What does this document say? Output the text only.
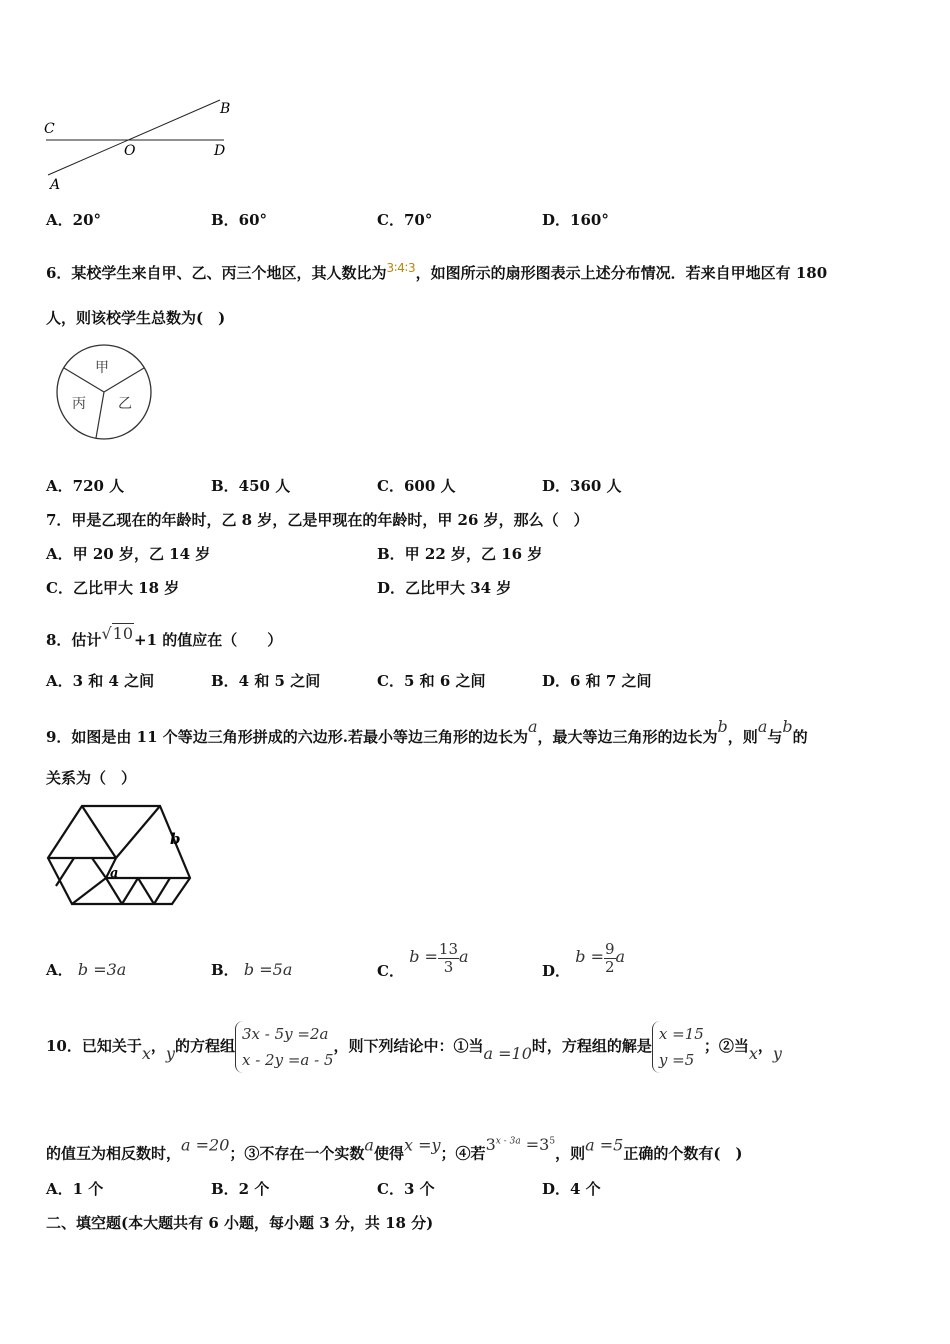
C
B
O	D
A
A．20°	B．60°	C．70°	D．160°
6．某校学生来自甲、乙、丙三个地区，其人数比为$^{3∶4∶3}$，如图所示的扇形图表示上述分布情况．若来自甲地区有 180
人，则该校学生总数为(　)
甲
丙 乙
A．720 人	B．450 人	C．600 人	D．360 人
7．甲是乙现在的年龄时，乙 8 岁，乙是甲现在的年龄时，甲 26 岁，那么（　）
A．甲 20 岁，乙 14 岁	B．甲 22 岁，乙 16 岁
C．乙比甲大 18 岁	D．乙比甲大 34 岁
8．估计√10+1 的值应在（　　）
A．3 和 4 之间	B．4 和 5 之间	C．5 和 6 之间	D．6 和 7 之间
9．如图是由 11 个等边三角形拼成的六边形.若最小等边三角形的边长为a，最大等边三角形的边长为b，则a与b的
关系为（　）
b
a
A． b =3a	B． b =5a	C． $b = \frac{13}{3}$ a
D． $b = \frac{9}{2}$ a
10．已知关于x，y的方程组3x - 5y =2a
x - 2y =a - 5，则下列结论中：①当a =10时，方程组的解是x =15
y =5；②当x，y
的值互为相反数时，a =20；③不存在一个实数a使得x =y；④若$3^{x - 3a} =3^5$，则a =5正确的个数有(　)
A．1 个	B．2 个	C．3 个	D．4 个
二、填空题(本大题共有 6 小题，每小题 3 分，共 18 分)
